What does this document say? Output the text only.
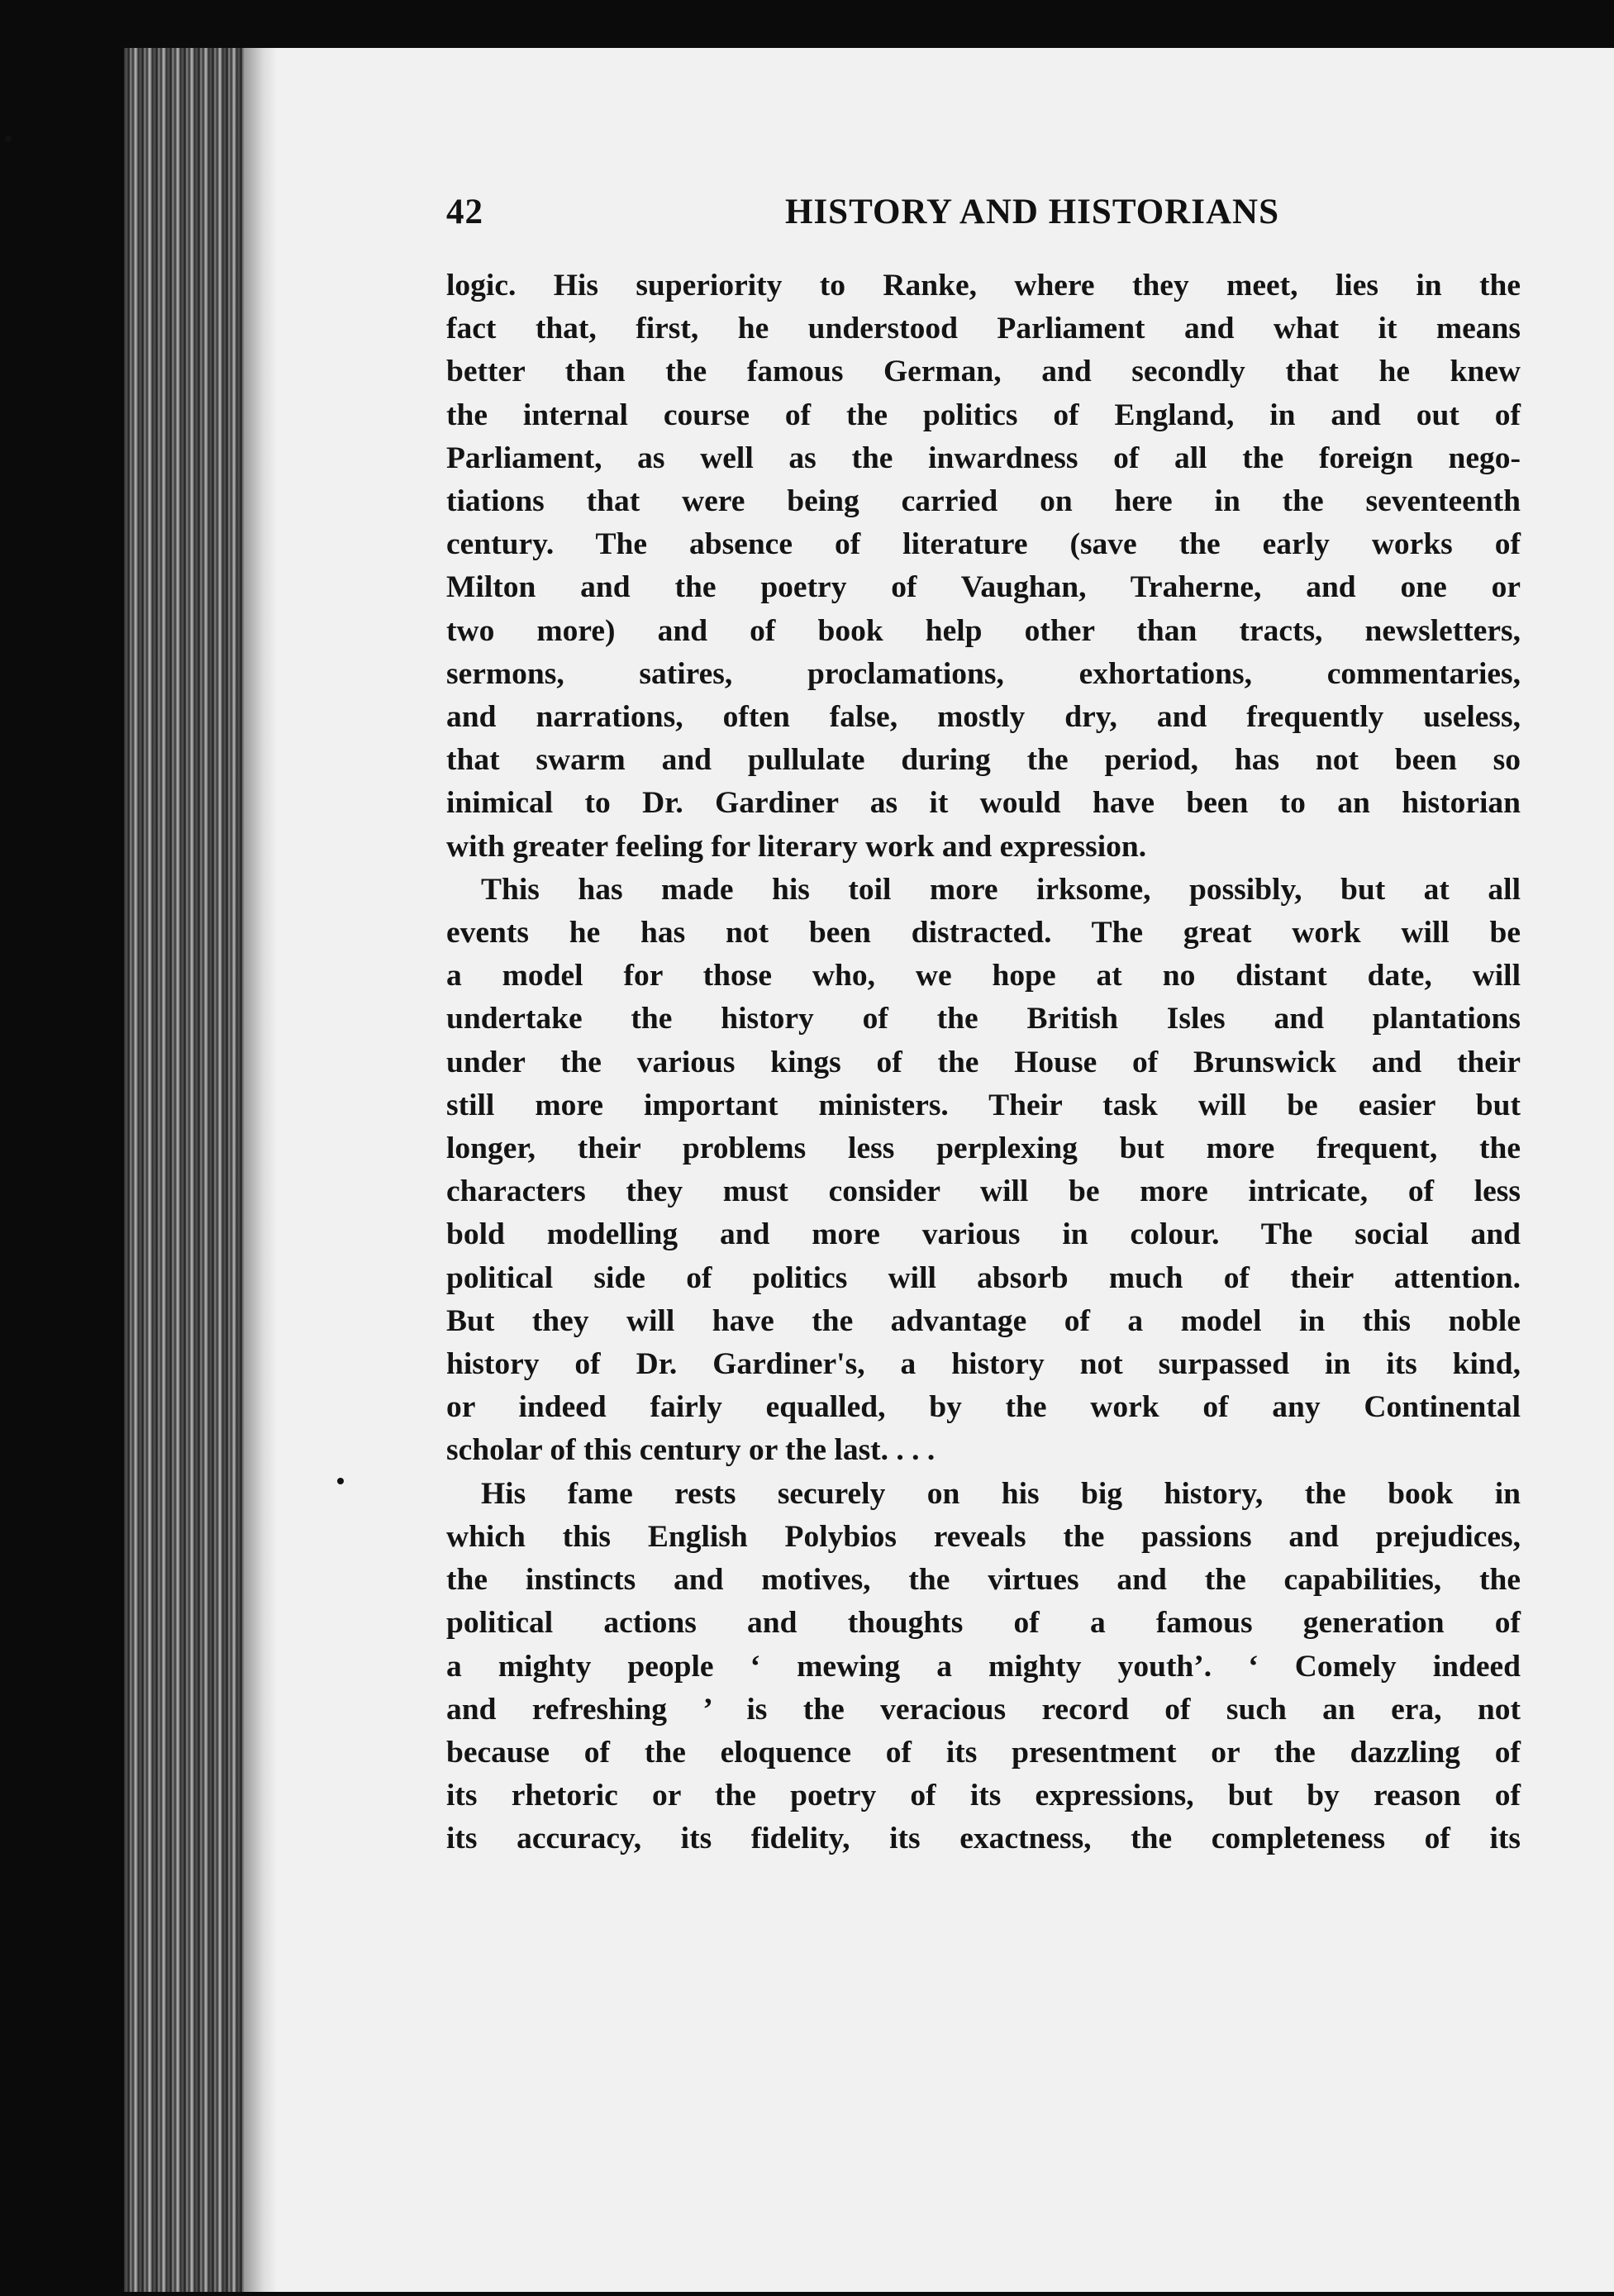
42	HISTORY AND HISTORIANS
logic. His superiority to Ranke, where they meet, lies in the
fact that, first, he understood Parliament and what it means
better than the famous German, and secondly that he knew
the internal course of the politics of England, in and out of
Parliament, as well as the inwardness of all the foreign nego-
tiations that were being carried on here in the seventeenth
century. The absence of literature (save the early works of
Milton and the poetry of Vaughan, Traherne, and one or
two more) and of book help other than tracts, newsletters,
sermons, satires, proclamations, exhortations, commentaries,
and narrations, often false, mostly dry, and frequently useless,
that swarm and pullulate during the period, has not been so
inimical to Dr. Gardiner as it would have been to an historian
with greater feeling for literary work and expression.
This has made his toil more irksome, possibly, but at all
events he has not been distracted. The great work will be
a model for those who, we hope at no distant date, will
undertake the history of the British Isles and plantations
under the various kings of the House of Brunswick and their
still more important ministers. Their task will be easier but
longer, their problems less perplexing but more frequent, the
characters they must consider will be more intricate, of less
bold modelling and more various in colour. The social and
political side of politics will absorb much of their attention.
But they will have the advantage of a model in this noble
history of Dr. Gardiner's, a history not surpassed in its kind,
or indeed fairly equalled, by the work of any Continental
scholar of this century or the last. . . .
His fame rests securely on his big history, the book in
which this English Polybios reveals the passions and prejudices,
the instincts and motives, the virtues and the capabilities, the
political actions and thoughts of a famous generation of
a mighty people ‘ mewing a mighty youth’. ‘ Comely indeed
and refreshing ’ is the veracious record of such an era, not
because of the eloquence of its presentment or the dazzling of
its rhetoric or the poetry of its expressions, but by reason of
its accuracy, its fidelity, its exactness, the completeness of its
